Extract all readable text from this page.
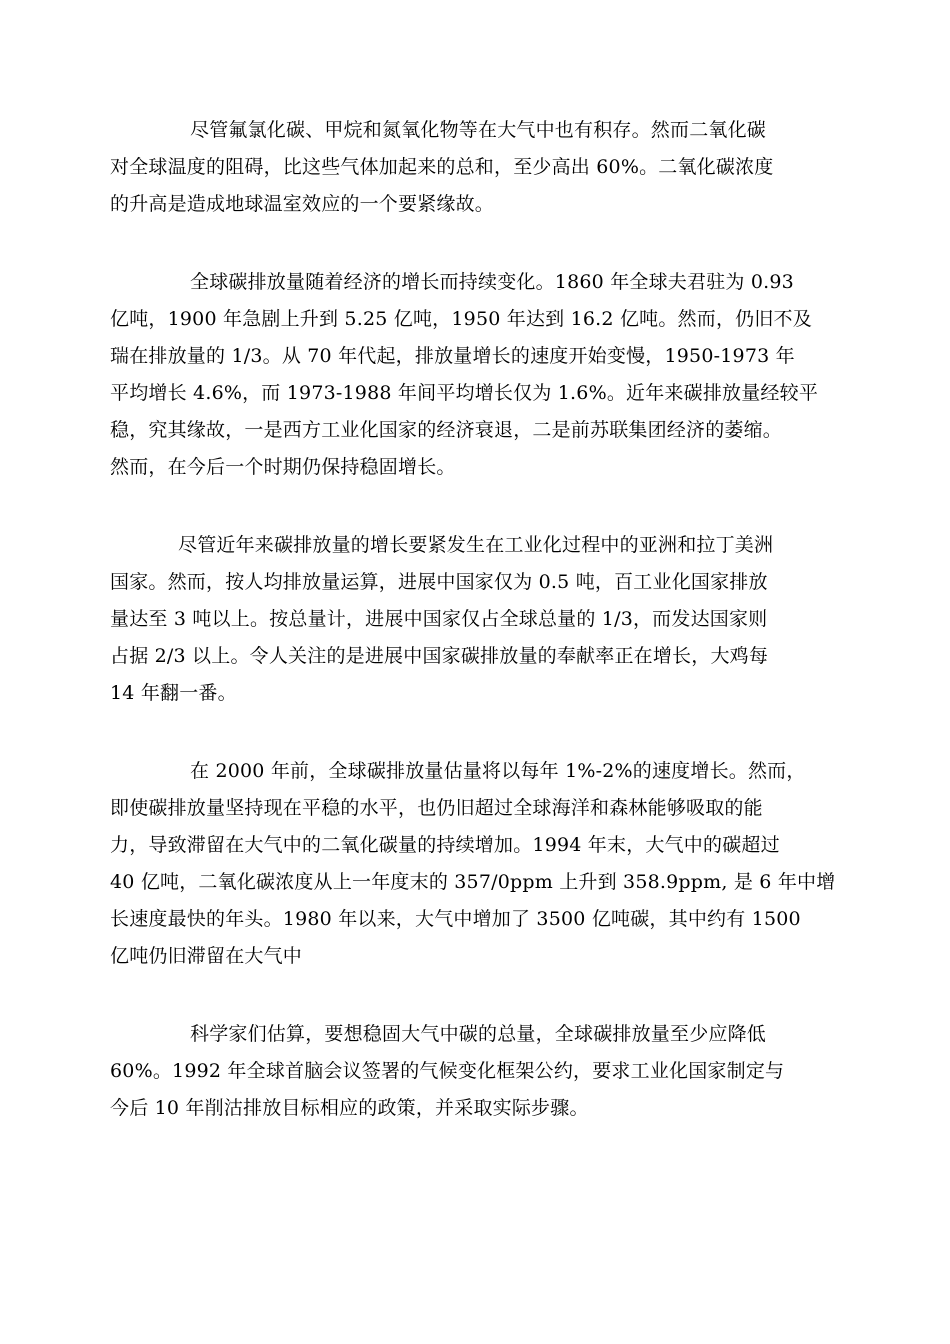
尽管氟氯化碳、甲烷和氮氧化物等在大气中也有积存。然而二氧化碳
对全球温度的阻碍，比这些气体加起来的总和，至少高出 60%。二氧化碳浓度
的升高是造成地球温室效应的一个要紧缘故。
全球碳排放量随着经济的增长而持续变化。1860 年全球夫君驻为 0.93
亿吨，1900 年急剧上升到 5.25 亿吨，1950 年达到 16.2 亿吨。然而，仍旧不及
瑞在排放量的 1/3。从 70 年代起，排放量增长的速度开始变慢，1950-1973 年
平均增长 4.6%，而 1973-1988 年间平均增长仅为 1.6%。近年来碳排放量经较平
稳，究其缘故，一是西方工业化国家的经济衰退，二是前苏联集团经济的萎缩。
然而，在今后一个时期仍保持稳固增长。
尽管近年来碳排放量的增长要紧发生在工业化过程中的亚洲和拉丁美洲
国家。然而，按人均排放量运算，进展中国家仅为 0.5 吨，百工业化国家排放
量达至 3 吨以上。按总量计，进展中国家仅占全球总量的 1/3，而发达国家则
占据 2/3 以上。令人关注的是进展中国家碳排放量的奉献率正在增长，大鸡每
14 年翻一番。
在 2000 年前，全球碳排放量估量将以每年 1%-2%的速度增长。然而，
即使碳排放量坚持现在平稳的水平，也仍旧超过全球海洋和森林能够吸取的能
力，导致滞留在大气中的二氧化碳量的持续增加。1994 年末，大气中的碳超过
40 亿吨，二氧化碳浓度从上一年度末的 357/0ppm 上升到 358.9ppm, 是 6 年中增
长速度最快的年头。1980 年以来，大气中增加了 3500 亿吨碳，其中约有 1500
亿吨仍旧滞留在大气中
科学家们估算，要想稳固大气中碳的总量，全球碳排放量至少应降低
60%。1992 年全球首脑会议签署的气候变化框架公约，要求工业化国家制定与
今后 10 年削沽排放目标相应的政策，并采取实际步骤。
